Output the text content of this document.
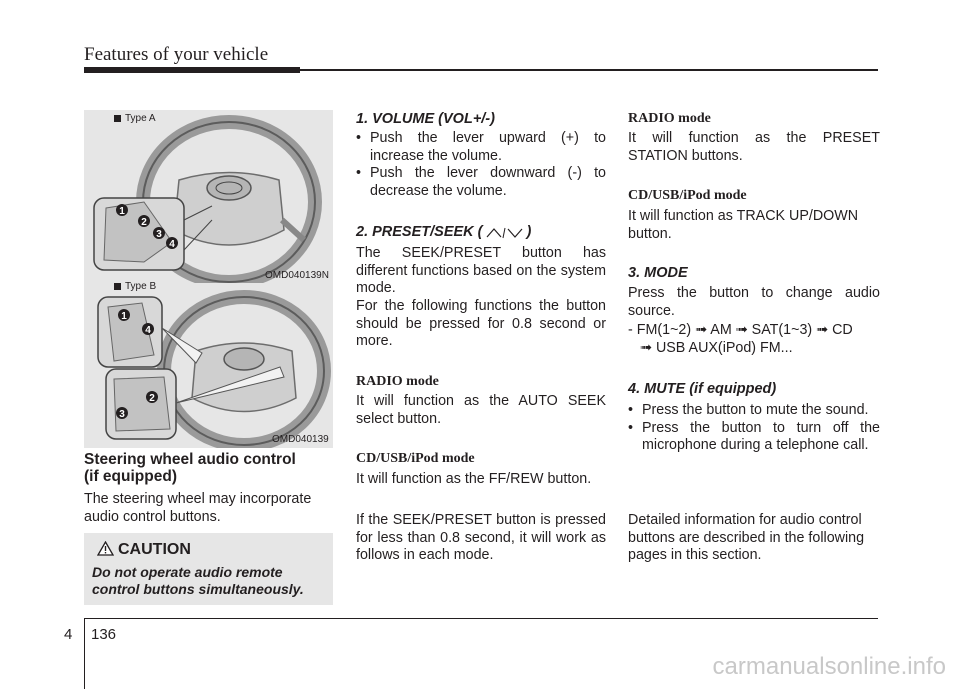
Features of your vehicle
1
2
3
4
Type A
OMD040139N
1
4
2
3
Type B
OMD040139
Steering wheel audio control
(if equipped)
The steering wheel may incorporate audio control buttons.
CAUTION
Do not operate audio remote control buttons simultaneously.
1. VOLUME (VOL+/-)
• Push the lever upward (+) to increase the volume.
• Push the lever downward (-) to decrease the volume.
2. PRESET/SEEK (	)
The SEEK/PRESET button has different functions based on the system mode.
For the following functions the button should be pressed for 0.8 second or more.
RADIO mode
It will function as the AUTO SEEK select button.
CD/USB/iPod mode
It will function as the FF/REW button.
If the SEEK/PRESET button is pressed for less than 0.8 second, it will work as follows in each mode.
RADIO mode
It will function as the PRESET STATION buttons.
CD/USB/iPod mode
It will function as TRACK UP/DOWN button.
3. MODE
Press the button to change audio source.
- FM(1~2) ➟ AM ➟ SAT(1~3) ➟ CD
➟ USB AUX(iPod) FM...
4. MUTE (if equipped)
• Press the button to mute the sound.
• Press the button to turn off the microphone during a telephone call.
Detailed information for audio control buttons are described in the following pages in this section.
4 136
carmanualsonline.info
